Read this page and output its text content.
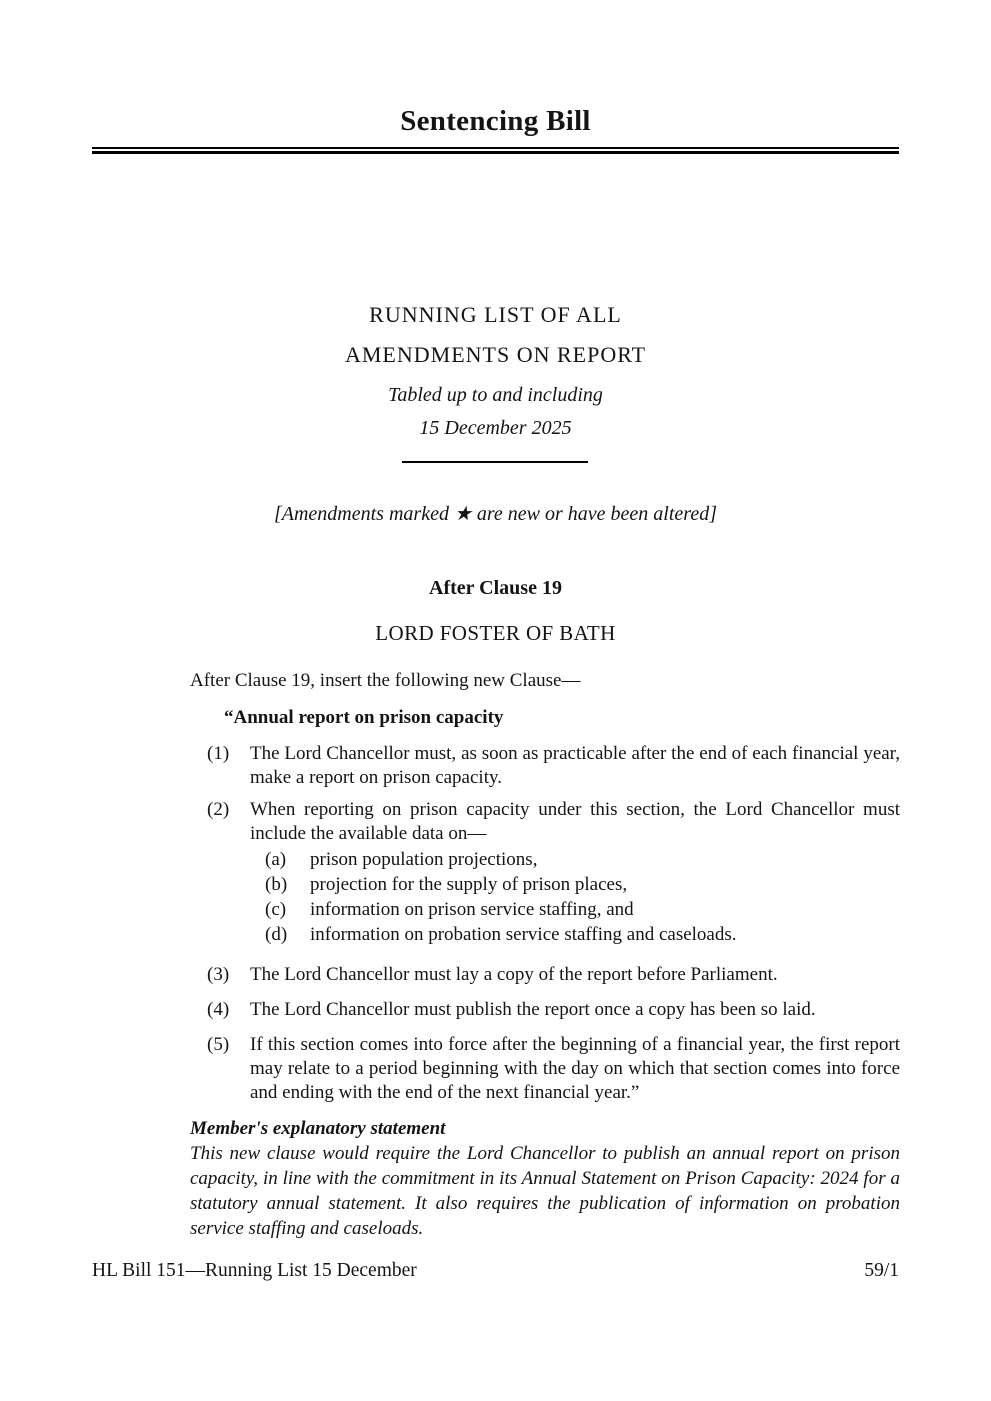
Sentencing Bill
RUNNING LIST OF ALL
AMENDMENTS ON REPORT
Tabled up to and including
15 December 2025
[Amendments marked ★ are new or have been altered]
After Clause 19
LORD FOSTER OF BATH
After Clause 19, insert the following new Clause—
“Annual report on prison capacity
(1) The Lord Chancellor must, as soon as practicable after the end of each financial year, make a report on prison capacity.
(2) When reporting on prison capacity under this section, the Lord Chancellor must include the available data on—
(a) prison population projections,
(b) projection for the supply of prison places,
(c) information on prison service staffing, and
(d) information on probation service staffing and caseloads.
(3) The Lord Chancellor must lay a copy of the report before Parliament.
(4) The Lord Chancellor must publish the report once a copy has been so laid.
(5) If this section comes into force after the beginning of a financial year, the first report may relate to a period beginning with the day on which that section comes into force and ending with the end of the next financial year.”
Member's explanatory statement
This new clause would require the Lord Chancellor to publish an annual report on prison capacity, in line with the commitment in its Annual Statement on Prison Capacity: 2024 for a statutory annual statement. It also requires the publication of information on probation service staffing and caseloads.
HL Bill 151—Running List 15 December	59/1
